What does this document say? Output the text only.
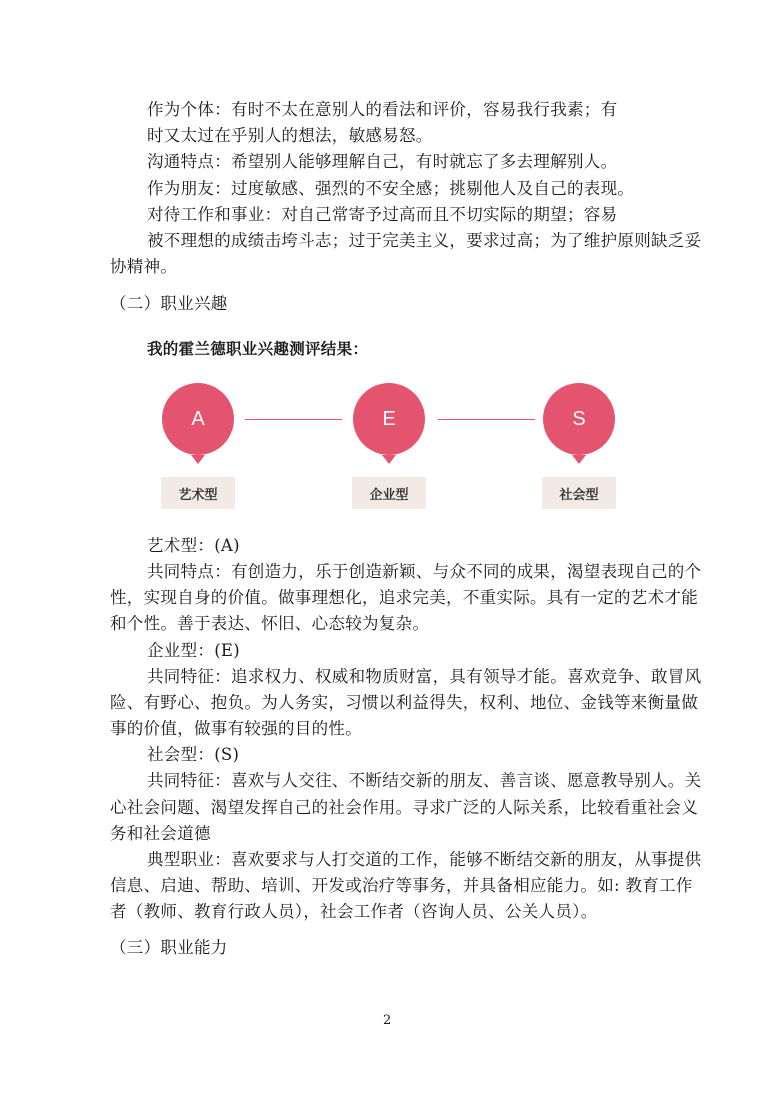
作为个体：有时不太在意别人的看法和评价，容易我行我素；有
时又太过在乎别人的想法，敏感易怒。
沟通特点：希望别人能够理解自己，有时就忘了多去理解别人。
作为朋友：过度敏感、强烈的不安全感；挑剔他人及自己的表现。
对待工作和事业：对自己常寄予过高而且不切实际的期望；容易
被不理想的成绩击垮斗志；过于完美主义，要求过高；为了维护原则缺乏妥
协精神。
（二）职业兴趣
我的霍兰德职业兴趣测评结果：
A
艺术型
E
企业型
S
社会型
艺术型：(A)
共同特点：有创造力，乐于创造新颖、与众不同的成果，渴望表现自己的个
性，实现自身的价值。做事理想化，追求完美，不重实际。具有一定的艺术才能
和个性。善于表达、怀旧、心态较为复杂。
企业型：(E)
共同特征：追求权力、权威和物质财富，具有领导才能。喜欢竞争、敢冒风
险、有野心、抱负。为人务实，习惯以利益得失，权利、地位、金钱等来衡量做
事的价值，做事有较强的目的性。
社会型：(S)
共同特征：喜欢与人交往、不断结交新的朋友、善言谈、愿意教导别人。关
心社会问题、渴望发挥自己的社会作用。寻求广泛的人际关系，比较看重社会义
务和社会道德
典型职业：喜欢要求与人打交道的工作，能够不断结交新的朋友，从事提供
信息、启迪、帮助、培训、开发或治疗等事务，并具备相应能力。如: 教育工作
者（教师、教育行政人员），社会工作者（咨询人员、公关人员）。
（三）职业能力
2
